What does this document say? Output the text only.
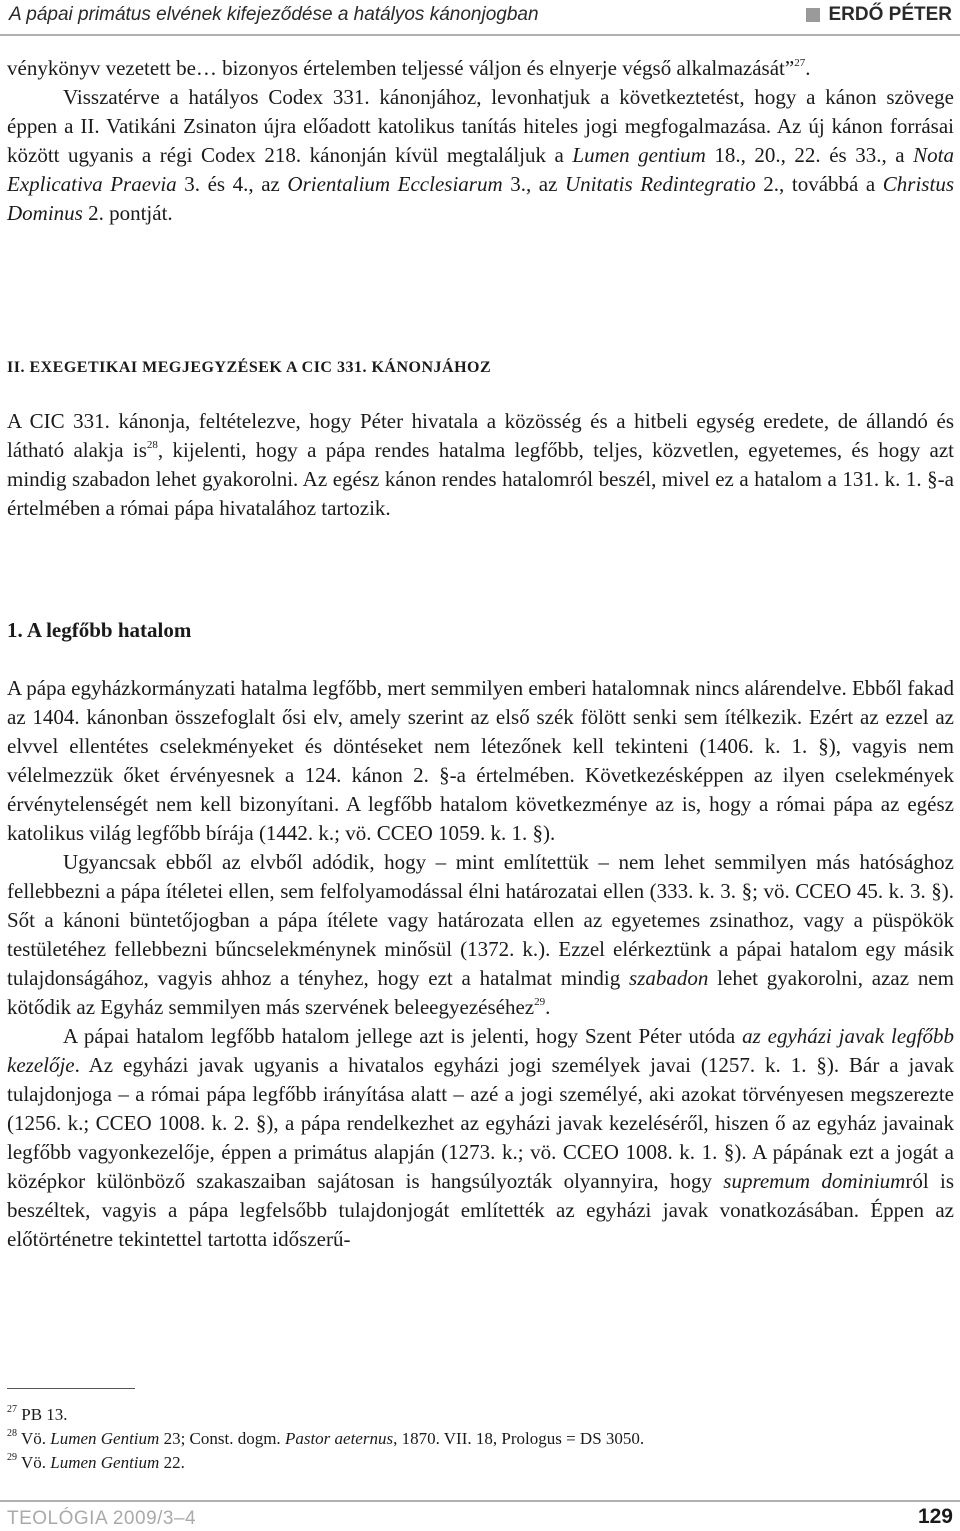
A pápai primátus elvének kifejeződése a hatályos kánonjogban	ERDŐ PÉTER

vénykönyv vezetett be… bizonyos értelemben teljessé váljon és elnyerje végső alkalmazását”$^{27}$.

Visszatérve a hatályos Codex 331. kánonjához, levonhatjuk a következtetést, hogy a kánon szövege éppen a II. Vatikáni Zsinaton újra előadott katolikus tanítás hiteles jogi megfogalmazása. Az új kánon forrásai között ugyanis a régi Codex 218. kánonján kívül megtaláljuk a Lumen gentium 18., 20., 22. és 33., a Nota Explicativa Praevia 3. és 4., az Orientalium Ecclesiarum 3., az Unitatis Redintegratio 2., továbbá a Christus Dominus 2. pontját.

II. EXEGETIKAI MEGJEGYZÉSEK A CIC 331. KÁNONJÁHOZ

A CIC 331. kánonja, feltételezve, hogy Péter hivatala a közösség és a hitbeli egység eredete, de állandó és látható alakja $is^{28}$, kijelenti, hogy a pápa rendes hatalma legfőbb, teljes, közvetlen, egyetemes, és hogy azt mindig szabadon lehet gyakorolni. Az egész kánon rendes hatalomról beszél, mivel ez a hatalom a 131. k. 1. §-a értelmében a római pápa hivatalához tartozik.

1. A legfőbb hatalom

A pápa egyházkormányzati hatalma legfőbb, mert semmilyen emberi hatalomnak nincs alárendelve. Ebből fakad az 1404. kánonban összefoglalt ősi elv, amely szerint az első szék fölött senki sem ítélkezik. Ezért az ezzel az elvvel ellentétes cselekményeket és döntéseket nem létezőnek kell tekinteni (1406. k. 1. §), vagyis nem vélelmezzük őket érvényesnek a 124. kánon 2. §-a értelmében. Következésképpen az ilyen cselekmények érvénytelenségét nem kell bizonyítani. A legfőbb hatalom következménye az is, hogy a római pápa az egész katolikus világ legfőbb bírája (1442. k.; vö. CCEO 1059. k. 1. §).

Ugyancsak ebből az elvből adódik, hogy – mint említettük – nem lehet semmilyen más hatósághoz fellebbezni a pápa ítéletei ellen, sem felfolyamodással élni határozatai ellen (333. k. 3. §; vö. CCEO 45. k. 3. §). Sőt a kánoni büntetőjogban a pápa ítélete vagy határozata ellen az egyetemes zsinathoz, vagy a püspökök testületéhez fellebbezni bűncselekménynek minősül (1372. k.). Ezzel elérkeztünk a pápai hatalom egy másik tulajdonságához, vagyis ahhoz a tényhez, hogy ezt a hatalmat mindig szabadon lehet gyakorolni, azaz nem kötődik az Egyház semmilyen más szervének beleegyezéséhez$^{29}$.

A pápai hatalom legfőbb hatalom jellege azt is jelenti, hogy Szent Péter utóda az egyházi javak legfőbb kezelője. Az egyházi javak ugyanis a hivatalos egyházi jogi személyek javai (1257. k. 1. §). Bár a javak tulajdonjoga – a római pápa legfőbb irányítása alatt – azé a jogi személyé, aki azokat törvényesen megszerezte (1256. k.; CCEO 1008. k. 2. §), a pápa rendelkezhet az egyházi javak kezeléséről, hiszen ő az egyház javainak legfőbb vagyonkezelője, éppen a primátus alapján (1273. k.; vö. CCEO 1008. k. 1. §). A pápának ezt a jogát a középkor különböző szakaszaiban sajátosan is hangsúlyozták olyannyira, hogy supremum dominiumról is beszéltek, vagyis a pápa legfelsőbb tulajdonjogát említették az egyházi javak vonatkozásában. Éppen az előtörténetre tekintettel tartotta időszerű-

$^{27}$ PB 13.
$^{28}$ Vö. Lumen Gentium 23; Const. dogm. Pastor aeternus, 1870. VII. 18, Prologus = DS 3050.
$^{29}$ Vö. Lumen Gentium 22.
TEOLÓGIA 2009/3–4	129
